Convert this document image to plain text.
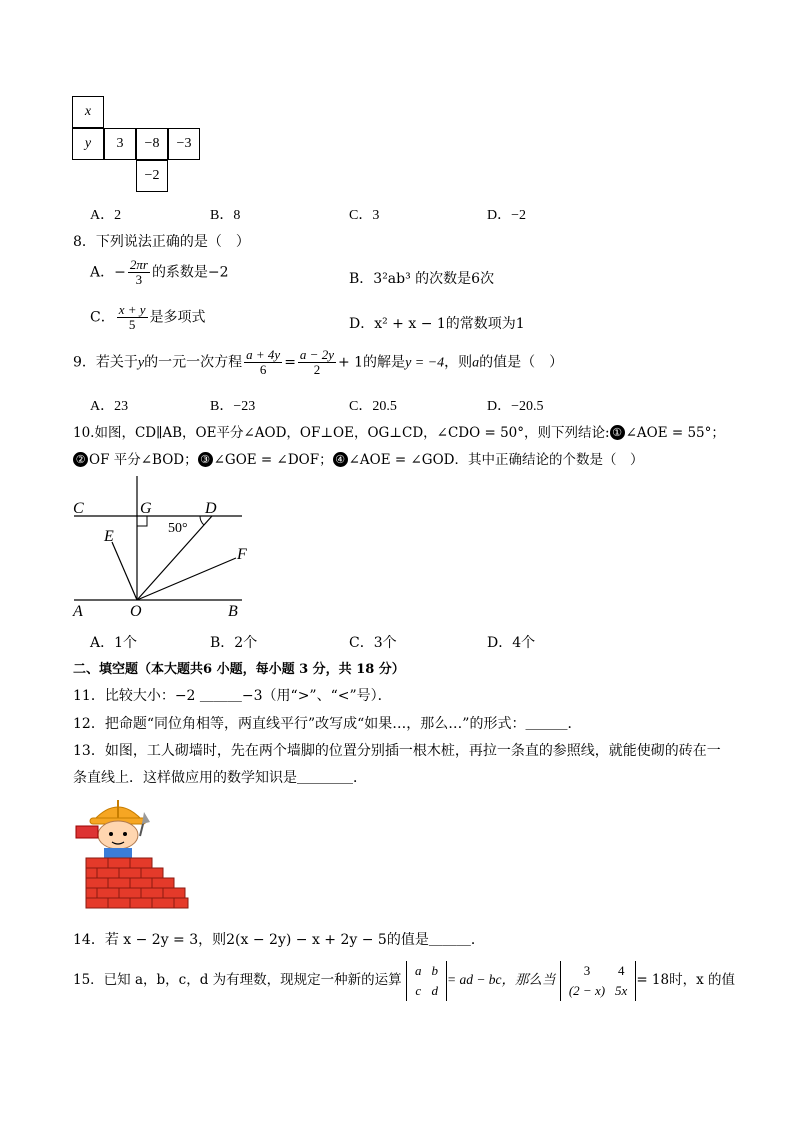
x
y	3	−8	−3
−2
A．2	B．8	C．3	D．−2
8．下列说法正确的是（　）
A．− $\frac{2\pi r}{3}$ 的系数是−2	B．3²ab³ 的次数是6次
C． $\frac{x + y}{5}$ 是多项式	D．x² + x − 1的常数项为1
9．若关于y的一元一次方程 $\frac{a + 4y}{6} = \frac{a - 2y}{2} + 1$的解是y = −4，则a的值是（　）
A．23	B．−23	C．20.5	D．−20.5
10.如图，CD∥AB，OE平分∠AOD，OF⊥OE，OG⊥CD，∠CDO = 50°，则下列结论: ① ∠AOE = 55°；
② OF 平分∠BOD； ③ ∠GOE = ∠DOF； ④ ∠AOE = ∠GOD．其中正确结论的个数是（　）
C	G	D
E
F
A	O	B
50°
A．1个	B．2个	C．3个	D．4个
二、填空题（本大题共6 小题，每小题 3 分，共 18 分）
11．比较大小：−2 ＿＿＿−3（用“>”、“<”号）．
12．把命题“同位角相等，两直线平行”改写成“如果…，那么…”的形式：＿＿＿．
13．如图，工人砌墙时，先在两个墙脚的位置分别插一根木桩，再拉一条直的参照线，就能使砌的砖在一
条直线上．这样做应用的数学知识是＿＿＿＿．
14．若 x − 2y = 3，则2(x − 2y) − x + 2y − 5的值是＿＿＿．
15．已知 a，b，c，d 为有理数，现规定一种新的运算
a	b
c	d
= ad − bc，那么当
3	4
(2 − x)	5x
= 18时，x 的值
